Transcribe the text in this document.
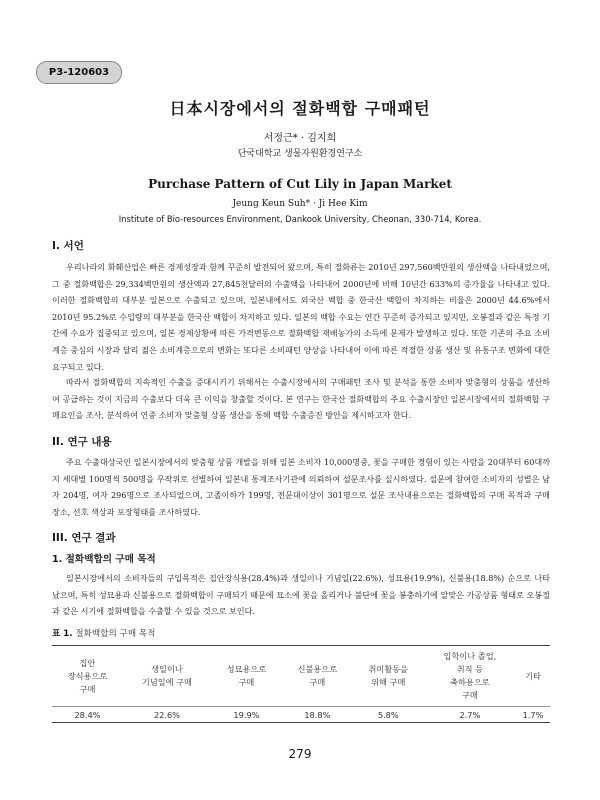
P3-120603
日本시장에서의 절화백합 구매패턴
서정근* · 김지희
단국대학교 생물자원환경연구소
Purchase Pattern of Cut Lily in Japan Market
Jeung Keun Suh* · Ji Hee Kim
Institute of Bio-resources Environment, Dankook University, Cheonan, 330-714, Korea.
I. 서언

우리나라의 화훼산업은 빠른 경제성장과 함께 꾸준히 발전되어 왔으며, 특히 절화류는 2010년 297,560백만원의 생산액을 나타내었으며, 그 중 절화백합은 29,334백만원의 생산액과 27,845천달러의 수출액을 나타내어 2000년에 비해 10년간 633%의 증가율을 나타내고 있다. 이러한 절화백합의 대부분 일본으로 수출되고 있으며, 일본내에서도 외국산 백합 중 한국산 백합이 차지하는 비율은 2000년 44.6%에서 2010년 95.2%로 수입량의 대부분을 한국산 백합이 차지하고 있다. 일본의 백합 수요는 연간 꾸준히 증가되고 있지만, 오봉절과 같은 특정 기간에 수요가 집중되고 있으며, 일본 경제상황에 따른 가격변동으로 절화백합 재배농가의 소득에 문제가 발생하고 있다. 또한 기존의 주요 소비계층 중심의 시장과 달리 젊은 소비계층으로의 변화는 또다른 소비패턴 양상을 나타내어 이에 따른 적절한 상품 생산 및 유통구조 변화에 대한 요구되고 있다.

따라서 절화백합의 지속적인 수출을 증대시키기 위해서는 수출시장에서의 구매패턴 조사 및 분석을 통한 소비자 맞춤형의 상품을 생산하여 공급하는 것이 지금의 수출보다 더욱 큰 이익을 창출할 것이다. 본 연구는 한국산 절화백합의 주요 수출시장인 일본시장에서의 절화백합 구매요인을 조사, 분석하여 연중 소비자 맞춤형 상품 생산을 통해 백합 수출증진 방안을 제시하고자 한다.

II. 연구 내용

주요 수출대상국인 일본시장에서의 맞춤형 상품 개발을 위해 일본 소비자 10,000명중, 꽃을 구매한 경험이 있는 사람을 20대부터 60대까지 세대별 100명씩 500명을 무작위로 선별하여 일본내 통계조사기관에 의뢰하여 설문조사를 실시하였다. 설문에 참여한 소비자의 성별은 남자 204명, 여자 296명으로 조사되었으며, 고졸이하가 199명, 전문대이상이 301명으로 설문 조사내용으로는 절화백합의 구매 목적과 구매 장소, 선호 색상과 포장형태를 조사하였다.

III. 연구 결과
1. 절화백합의 구매 목적

일본시장에서의 소비자들의 구입목적은 집안장식용(28.4%)과 생일이나 기념일(22.6%), 성묘용(19.9%), 신불용(18.8%) 순으로 나타났으며, 특히 성묘용과 신불용으로 절화백합이 구매되기 때문에 묘소에 꽃을 올리거나 불단에 꽃을 봉충하기에 알맞은 가공상품 형태로 오봉절과 같은 시기에 절화백합을 수출할 수 있을 것으로 보인다.

표 1. 절화백합의 구매 목적
집안
장식용으로
구매	생일이나
기념일에 구매	성묘용으로
구매	신불용으로
구매	취미활동을
위해 구매	입학이나 졸업,
취직 등
축하용으로
구매	기타
28.4%	22.6%	19.9%	18.8%	5.8%	2.7%	1.7%
279
